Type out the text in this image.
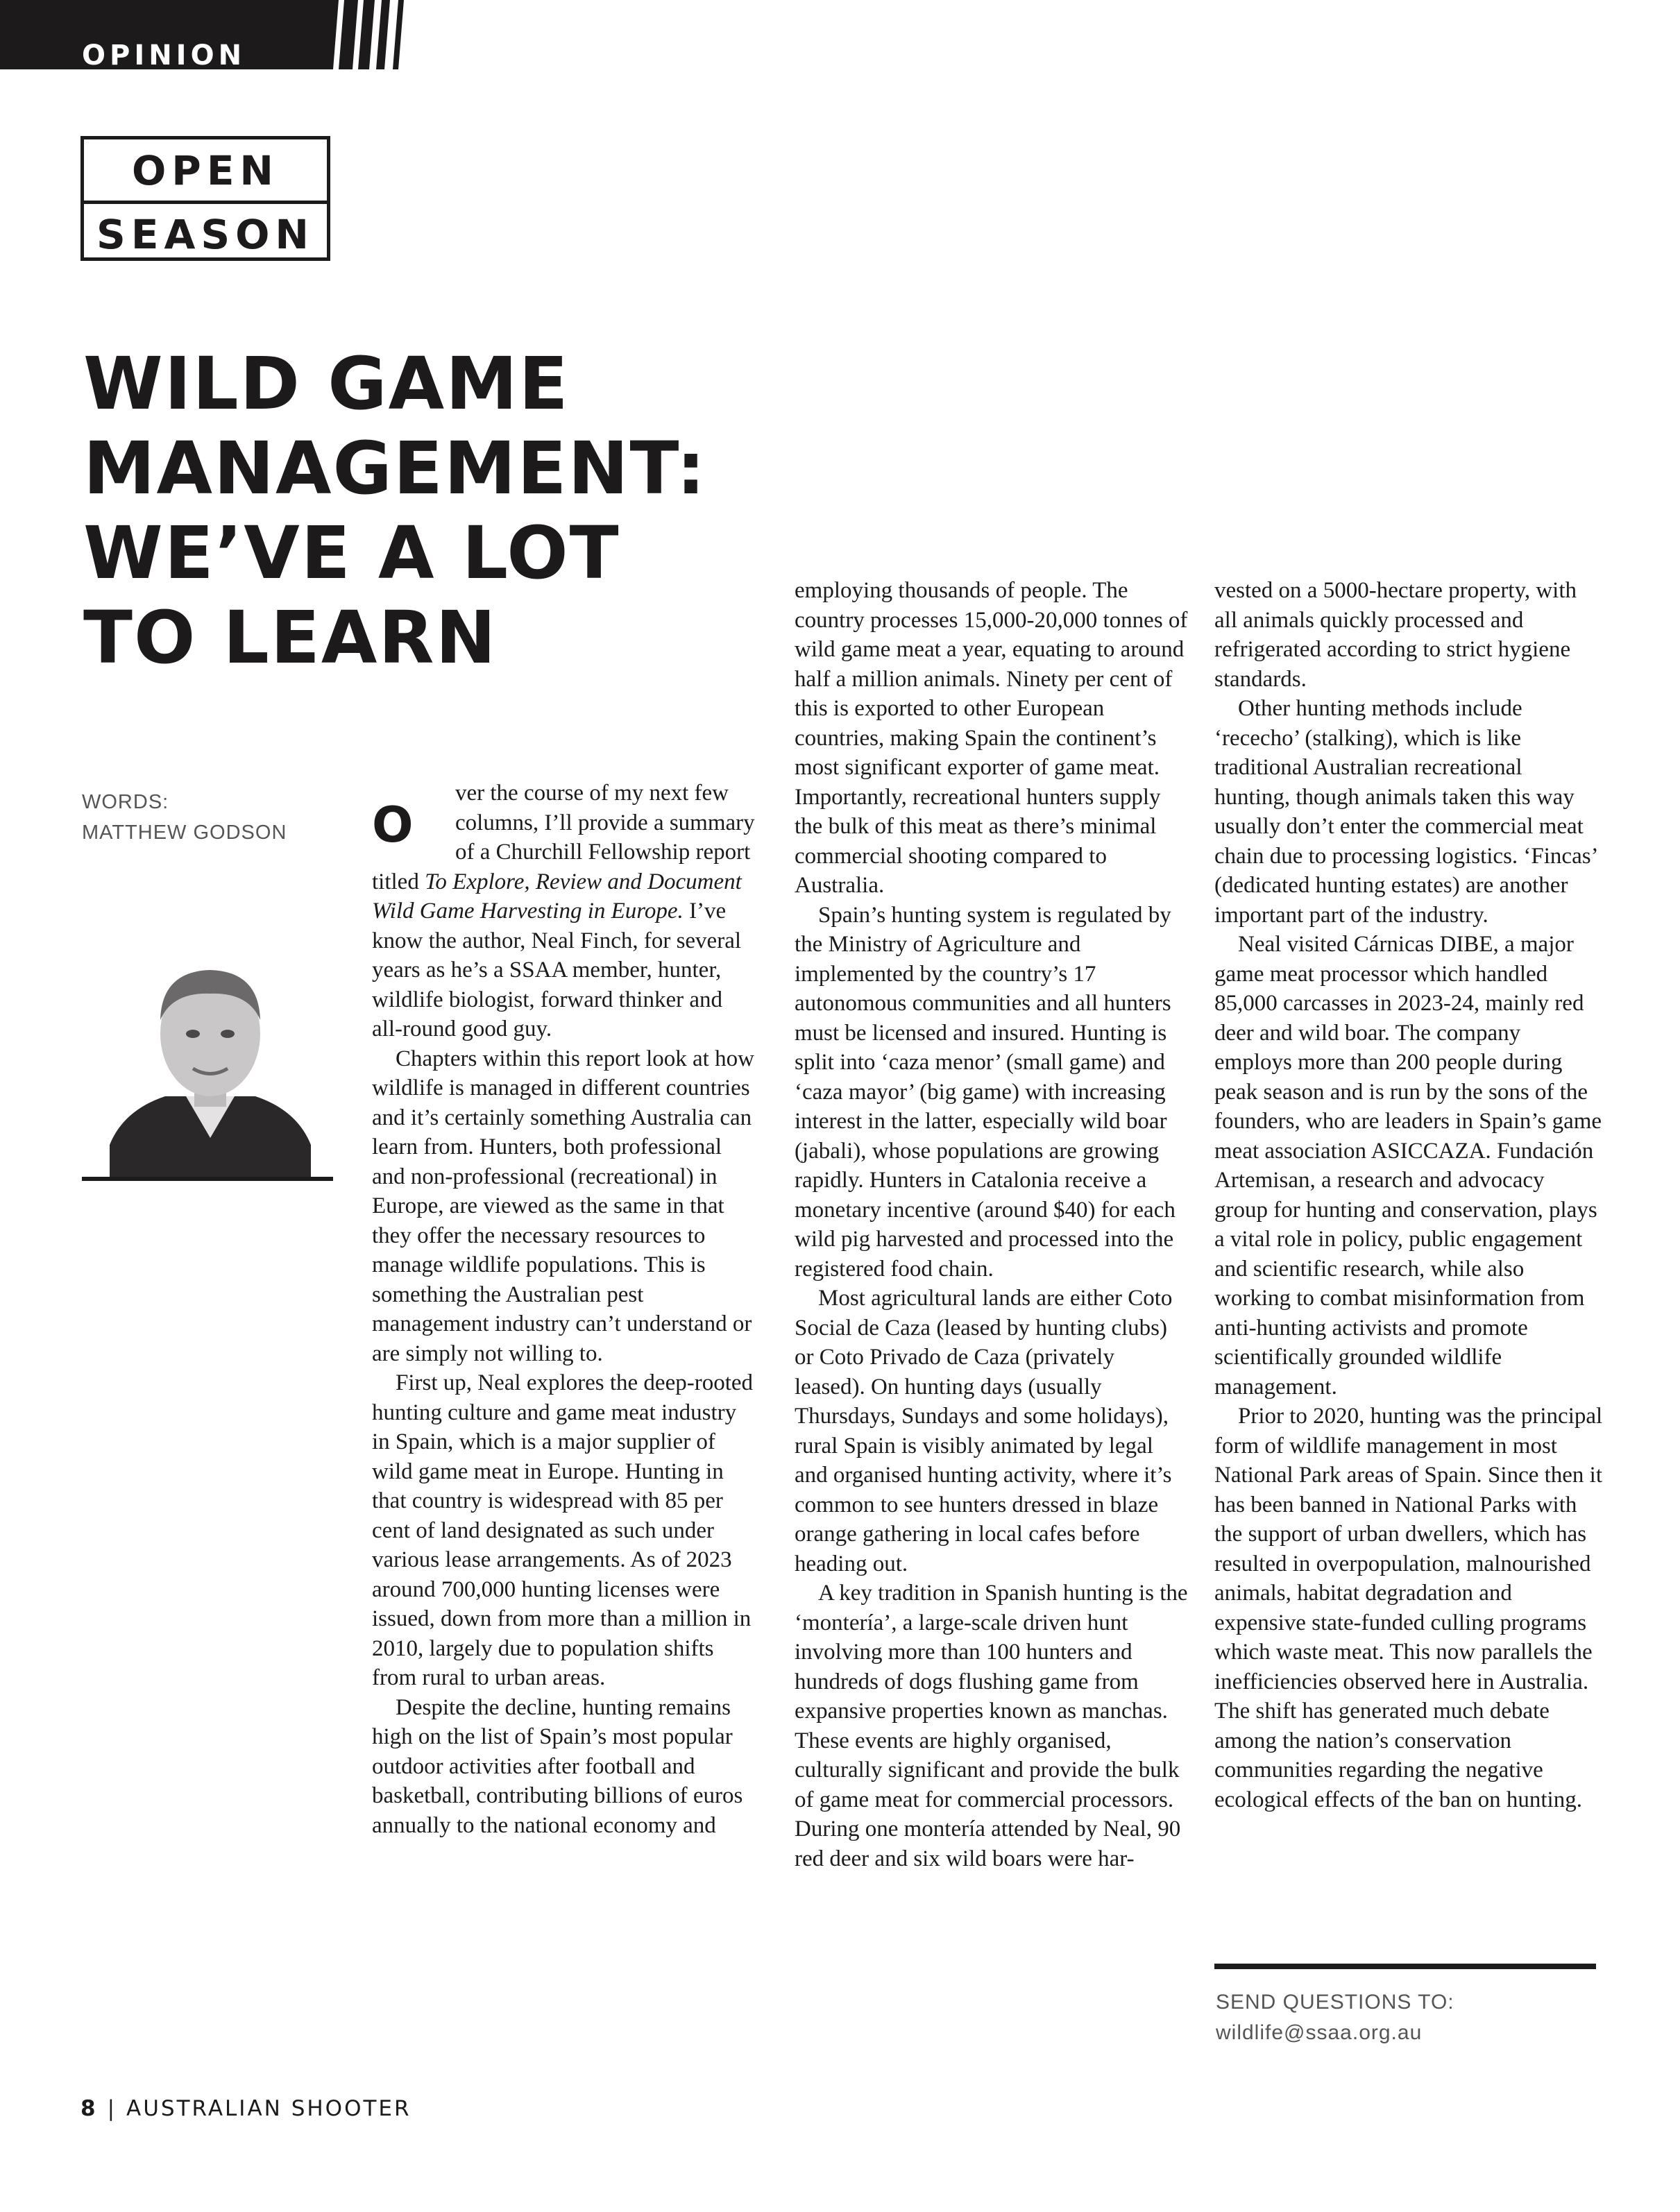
OPINION
OPEN
SEASON
WILD GAME
MANAGEMENT:
WE’VE A LOT
TO LEARN
WORDS:
MATTHEW GODSON O

ver the course of my next few columns, I’ll provide a summary of a Churchill Fellowship report titled To Explore, Review and Document Wild Game Harvesting in Europe. I’ve know the author, Neal Finch, for several years as he’s a SSAA member, hunter, wildlife biologist, forward thinker and all-round good guy.

Chapters within this report look at how wildlife is managed in different countries and it’s certainly something Australia can learn from. Hunters, both professional and non-professional (recreational) in Europe, are viewed as the same in that they offer the necessary resources to manage wildlife populations. This is something the Australian pest management industry can’t understand or are simply not willing to.

First up, Neal explores the deep-rooted hunting culture and game meat industry in Spain, which is a major supplier of wild game meat in Europe. Hunting in that country is widespread with 85 per cent of land designated as such under various lease arrangements. As of 2023 around 700,000 hunting licenses were issued, down from more than a million in 2010, largely due to population shifts from rural to urban areas.

Despite the decline, hunting remains high on the list of Spain’s most popular outdoor activities after football and basketball, contributing billions of euros annually to the national economy and

employing thousands of people. The country processes 15,000-20,000 tonnes of wild game meat a year, equating to around half a million animals. Ninety per cent of this is exported to other European countries, making Spain the continent’s most significant exporter of game meat. Importantly, recreational hunters supply the bulk of this meat as there’s minimal commercial shooting compared to Australia.

Spain’s hunting system is regulated by the Ministry of Agriculture and implemented by the country’s 17 autonomous communities and all hunters must be licensed and insured. Hunting is split into ‘caza menor’ (small game) and ‘caza mayor’ (big game) with increasing interest in the latter, especially wild boar (jabali), whose populations are growing rapidly. Hunters in Catalonia receive a monetary incentive (around $40) for each wild pig harvested and processed into the registered food chain.

Most agricultural lands are either Coto Social de Caza (leased by hunting clubs) or Coto Privado de Caza (privately leased). On hunting days (usually Thursdays, Sundays and some holidays), rural Spain is visibly animated by legal and organised hunting activity, where it’s common to see hunters dressed in blaze orange gathering in local cafes before heading out.

A key tradition in Spanish hunting is the ‘montería’, a large-scale driven hunt involving more than 100 hunters and hundreds of dogs flushing game from expansive properties known as manchas. These events are highly organised, culturally significant and provide the bulk of game meat for commercial processors. During one montería attended by Neal, 90 red deer and six wild boars were har-

vested on a 5000-hectare property, with all animals quickly processed and refrigerated according to strict hygiene standards.

Other hunting methods include ‘rececho’ (stalking), which is like traditional Australian recreational hunting, though animals taken this way usually don’t enter the commercial meat chain due to processing logistics. ‘Fincas’ (dedicated hunting estates) are another important part of the industry.

Neal visited Cárnicas DIBE, a major game meat processor which handled 85,000 carcasses in 2023-24, mainly red deer and wild boar. The company employs more than 200 people during peak season and is run by the sons of the founders, who are leaders in Spain’s game meat association ASICCAZA. Fundación Artemisan, a research and advocacy group for hunting and conservation, plays a vital role in policy, public engagement and scientific research, while also working to combat misinformation from anti-hunting activists and promote scientifically grounded wildlife management.

Prior to 2020, hunting was the principal form of wildlife management in most National Park areas of Spain. Since then it has been banned in National Parks with the support of urban dwellers, which has resulted in overpopulation, malnourished animals, habitat degradation and expensive state-funded culling programs which waste meat. This now parallels the inefficiencies observed here in Australia. The shift has generated much debate among the nation’s conservation communities regarding the negative ecological effects of the ban on hunting.

SEND QUESTIONS TO:
wildlife@ssaa.org.au
8 | AUSTRALIAN SHOOTER
